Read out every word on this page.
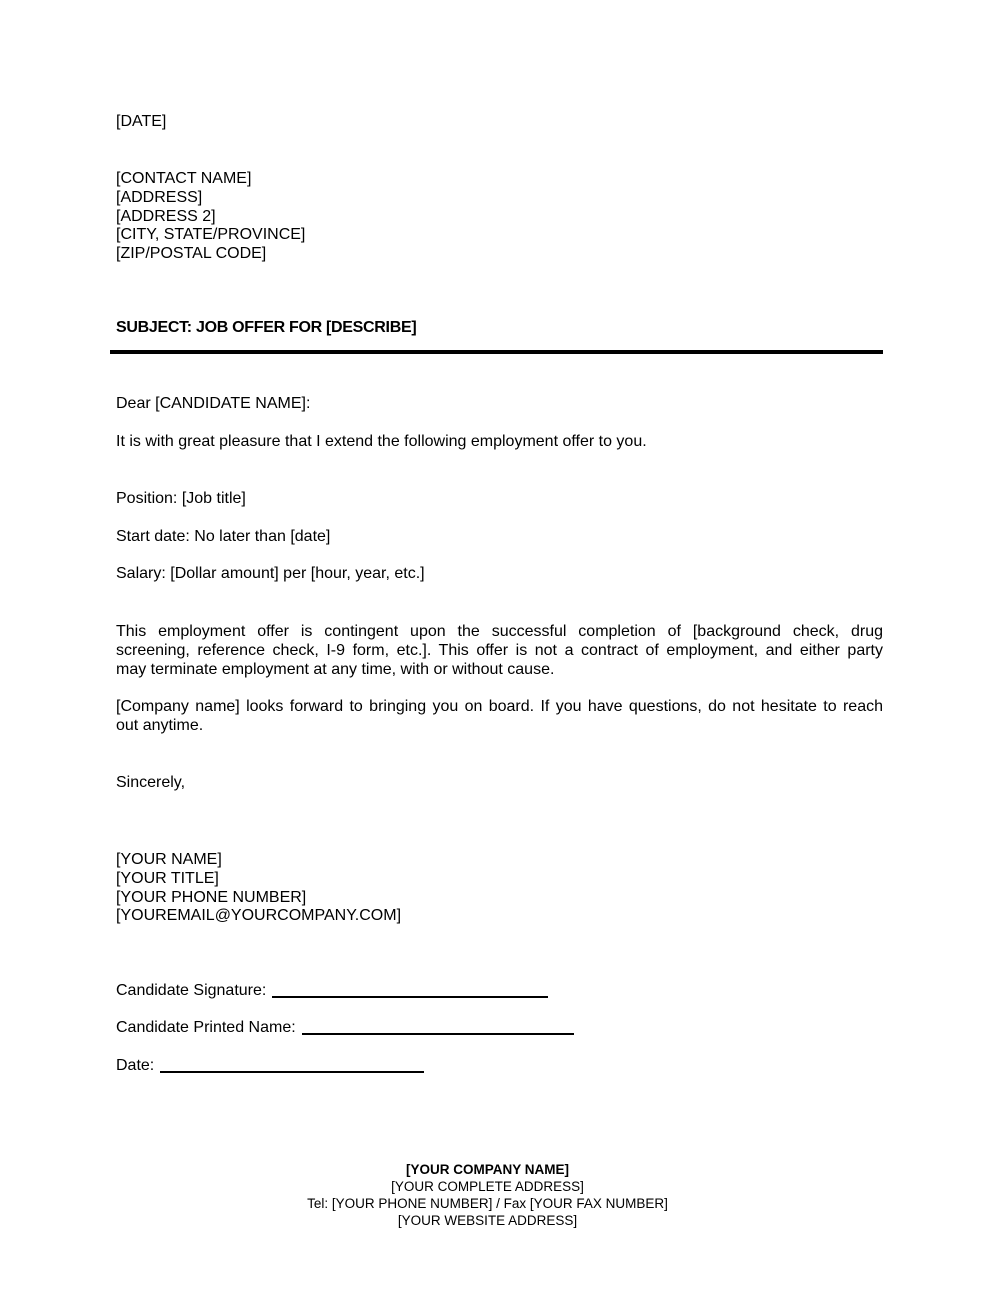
[DATE]
[CONTACT NAME]
[ADDRESS]
[ADDRESS 2]
[CITY, STATE/PROVINCE]
[ZIP/POSTAL CODE]
SUBJECT: JOB OFFER FOR [DESCRIBE]
Dear [CANDIDATE NAME]:
It is with great pleasure that I extend the following employment offer to you.
Position: [Job title]
Start date: No later than [date]
Salary: [Dollar amount] per [hour, year, etc.]
This employment offer is contingent upon the successful completion of [background check, drug
screening, reference check, I-9 form, etc.]. This offer is not a contract of employment, and either party
may terminate employment at any time, with or without cause.
[Company name] looks forward to bringing you on board. If you have questions, do not hesitate to reach
out anytime.
Sincerely,
[YOUR NAME]
[YOUR TITLE]
[YOUR PHONE NUMBER]
[YOUREMAIL@YOURCOMPANY.COM]
Candidate Signature:
Candidate Printed Name:
Date:
[YOUR COMPANY NAME]
[YOUR COMPLETE ADDRESS]
Tel: [YOUR PHONE NUMBER] / Fax [YOUR FAX NUMBER]
[YOUR WEBSITE ADDRESS]
